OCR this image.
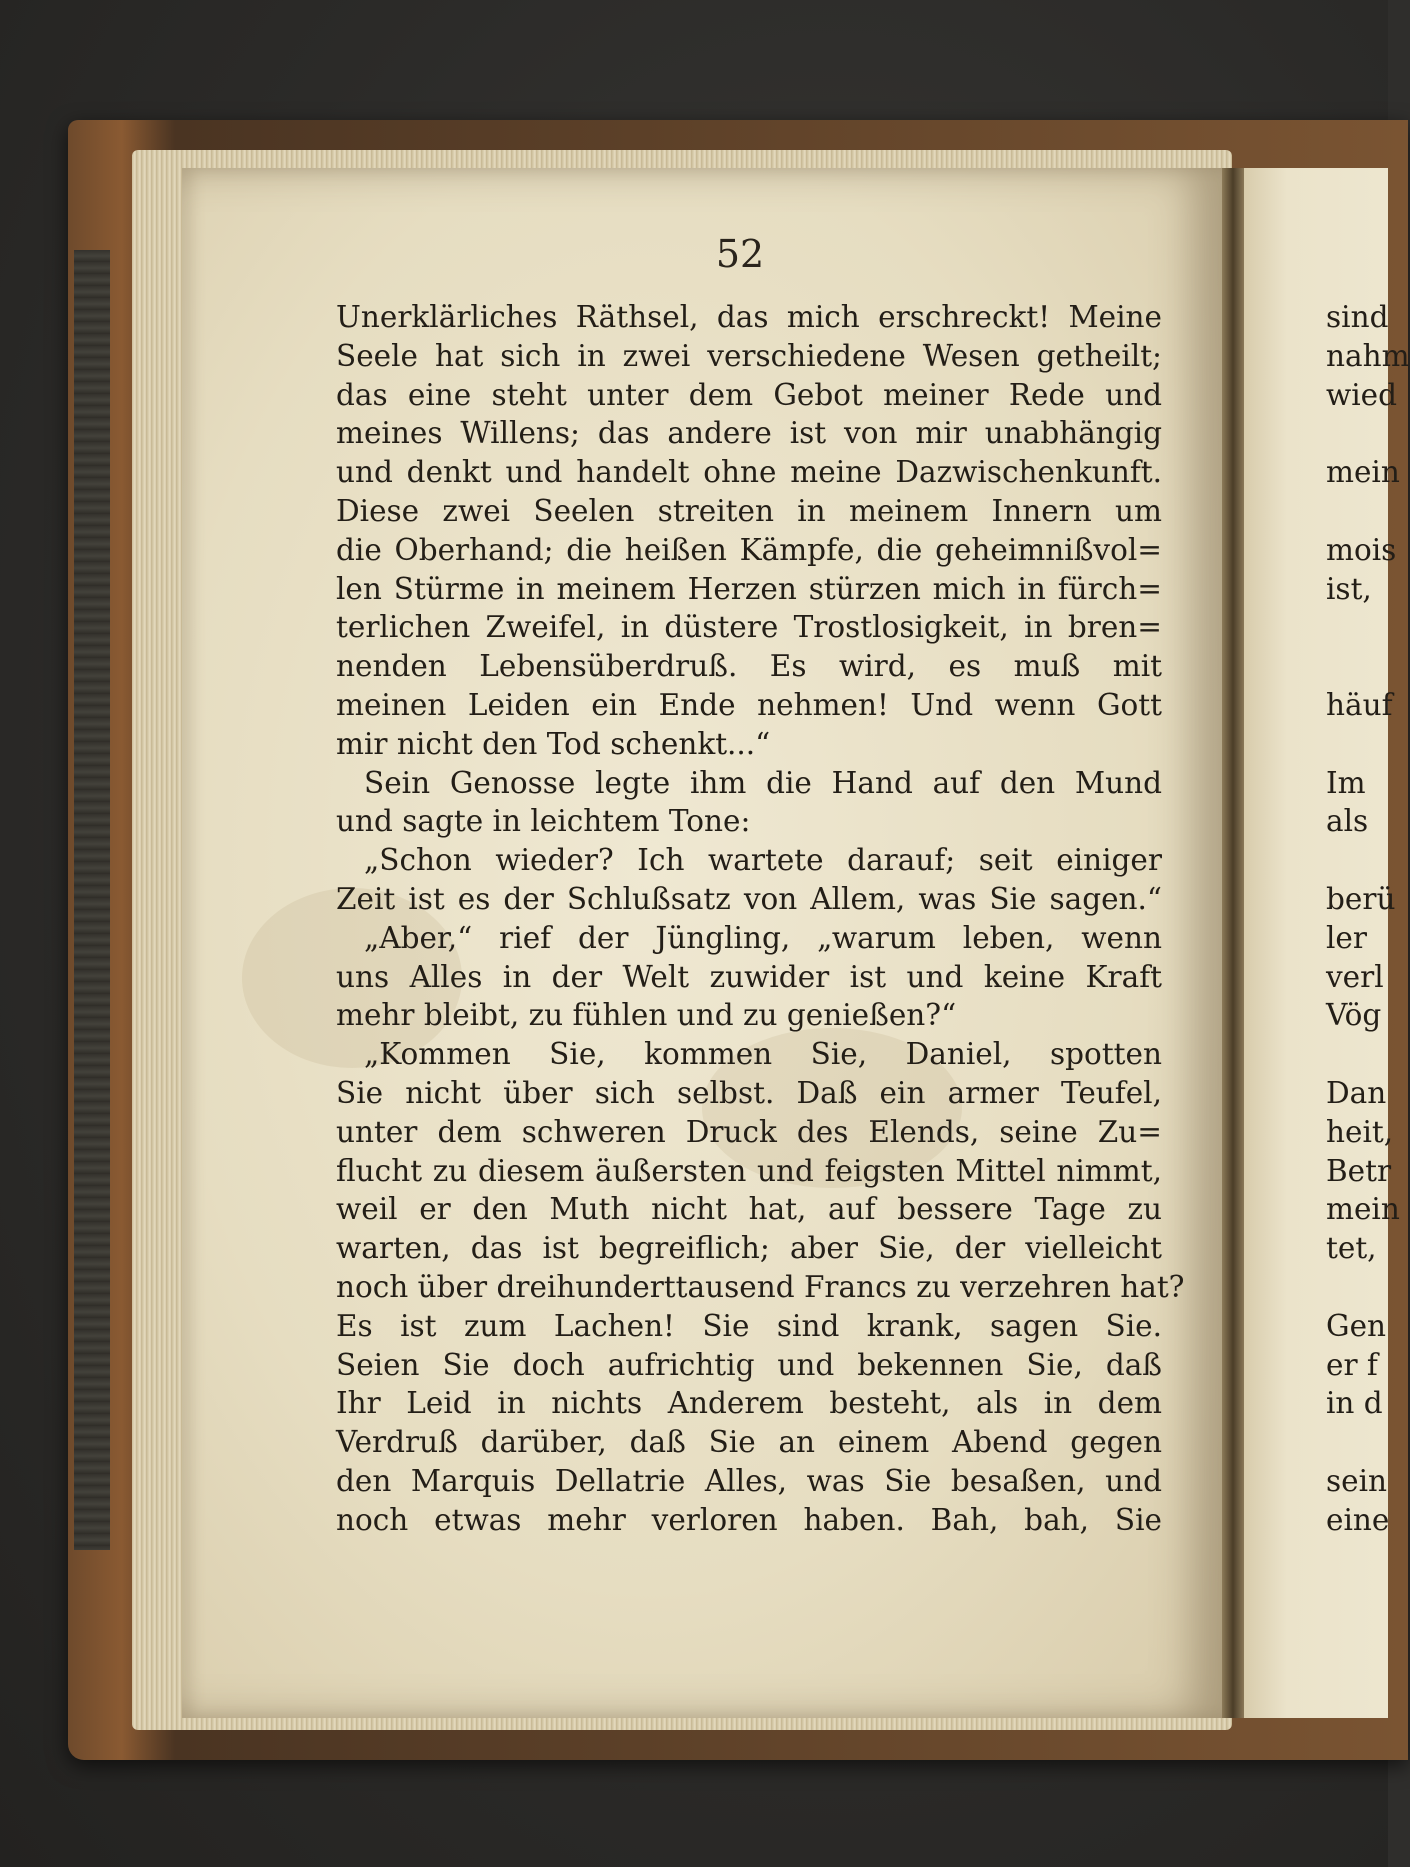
52
Unerklärliches Räthsel, das mich erschreckt! Meine
Seele hat sich in zwei verschiedene Wesen getheilt;
das eine steht unter dem Gebot meiner Rede und
meines Willens; das andere ist von mir unabhängig
und denkt und handelt ohne meine Dazwischenkunft.
Diese zwei Seelen streiten in meinem Innern um
die Oberhand; die heißen Kämpfe, die geheimnißvol=
len Stürme in meinem Herzen stürzen mich in fürch=
terlichen Zweifel, in düstere Trostlosigkeit, in bren=
nenden Lebensüberdruß. Es wird, es muß mit
meinen Leiden ein Ende nehmen! Und wenn Gott
mir nicht den Tod schenkt...“
Sein Genosse legte ihm die Hand auf den Mund
und sagte in leichtem Tone:
„Schon wieder? Ich wartete darauf; seit einiger
Zeit ist es der Schlußsatz von Allem, was Sie sagen.“
„Aber,“ rief der Jüngling, „warum leben, wenn
uns Alles in der Welt zuwider ist und keine Kraft
mehr bleibt, zu fühlen und zu genießen?“
„Kommen Sie, kommen Sie, Daniel, spotten
Sie nicht über sich selbst. Daß ein armer Teufel,
unter dem schweren Druck des Elends, seine Zu=
flucht zu diesem äußersten und feigsten Mittel nimmt,
weil er den Muth nicht hat, auf bessere Tage zu
warten, das ist begreiflich; aber Sie, der vielleicht
noch über dreihunderttausend Francs zu verzehren hat?
Es ist zum Lachen! Sie sind krank, sagen Sie.
Seien Sie doch aufrichtig und bekennen Sie, daß
Ihr Leid in nichts Anderem besteht, als in dem
Verdruß darüber, daß Sie an einem Abend gegen
den Marquis Dellatrie Alles, was Sie besaßen, und
noch etwas mehr verloren haben. Bah, bah, Sie
sind
nahm
wied
mein
mois
ist,
häuf
Im
als
berü
ler
verl
Vög
Dan
heit,
Betr
mein
tet,
Gen
er f
in d
sein
eine
